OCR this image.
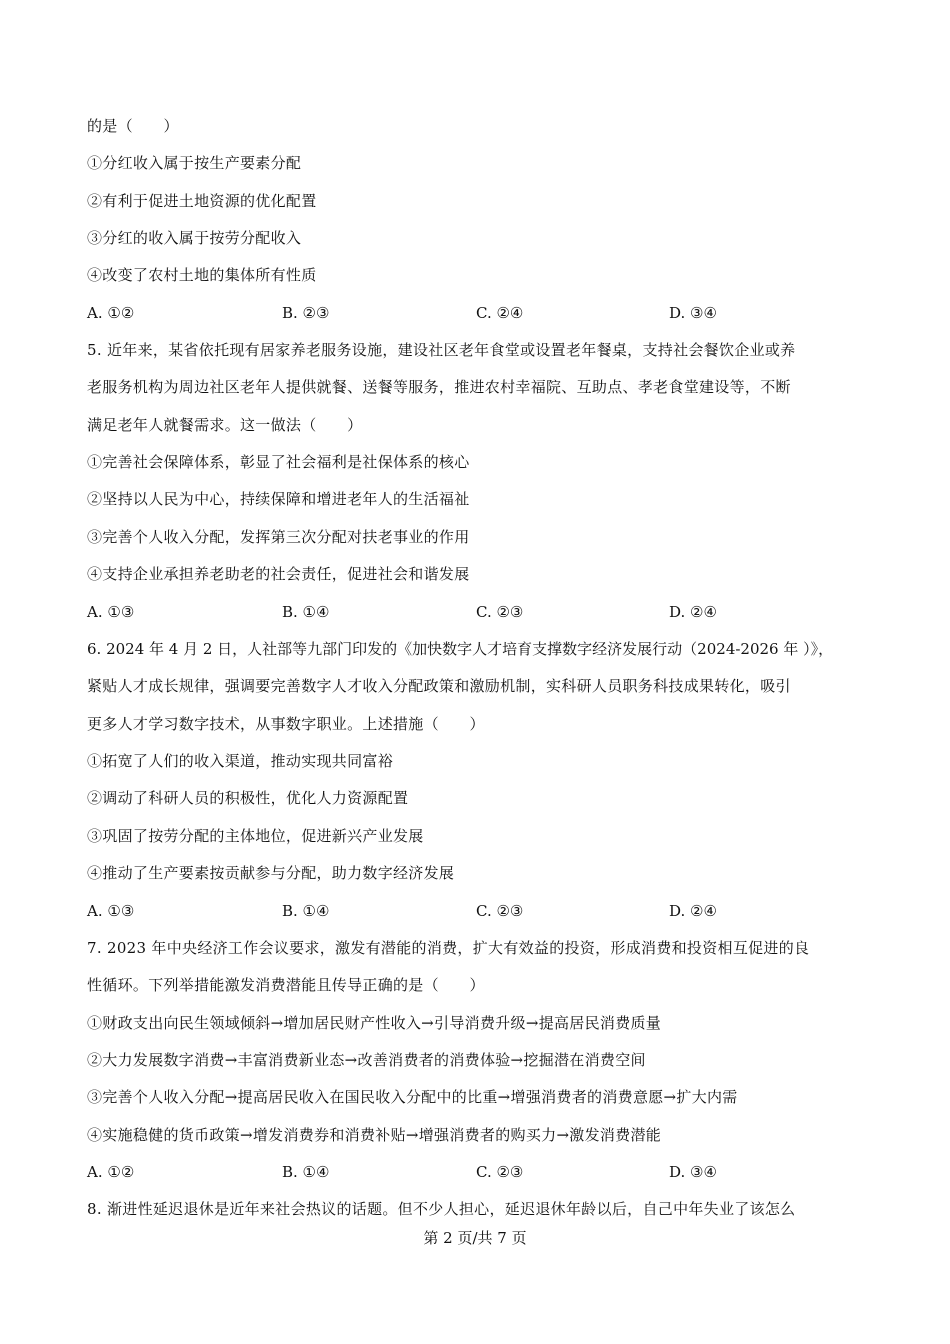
的是（　　）
①分红收入属于按生产要素分配
②有利于促进土地资源的优化配置
③分红的收入属于按劳分配收入
④改变了农村土地的集体所有性质
A. ①②	B. ②③	C. ②④	D. ③④
5. 近年来，某省依托现有居家养老服务设施，建设社区老年食堂或设置老年餐桌，支持社会餐饮企业或养
老服务机构为周边社区老年人提供就餐、送餐等服务，推进农村幸福院、互助点、孝老食堂建设等，不断
满足老年人就餐需求。这一做法（　　）
①完善社会保障体系，彰显了社会福利是社保体系的核心
②坚持以人民为中心，持续保障和增进老年人的生活福祉
③完善个人收入分配，发挥第三次分配对扶老事业的作用
④支持企业承担养老助老的社会责任，促进社会和谐发展
A. ①③	B. ①④	C. ②③	D. ②④
6. 2024 年 4 月 2 日，人社部等九部门印发的《加快数字人才培育支撑数字经济发展行动（2024-2026 年 ）》，
紧贴人才成长规律，强调要完善数字人才收入分配政策和激励机制，实科研人员职务科技成果转化，吸引
更多人才学习数字技术，从事数字职业。上述措施（　　）
①拓宽了人们的收入渠道，推动实现共同富裕
②调动了科研人员的积极性，优化人力资源配置
③巩固了按劳分配的主体地位，促进新兴产业发展
④推动了生产要素按贡献参与分配，助力数字经济发展
A. ①③	B. ①④	C. ②③	D. ②④
7. 2023 年中央经济工作会议要求，激发有潜能的消费，扩大有效益的投资，形成消费和投资相互促进的良
性循环。下列举措能激发消费潜能且传导正确的是（　　）
①财政支出向民生领域倾斜→增加居民财产性收入→引导消费升级→提高居民消费质量
②大力发展数字消费→丰富消费新业态→改善消费者的消费体验→挖掘潜在消费空间
③完善个人收入分配→提高居民收入在国民收入分配中的比重→增强消费者的消费意愿→扩大内需
④实施稳健的货币政策→增发消费券和消费补贴→增强消费者的购买力→激发消费潜能
A. ①②	B. ①④	C. ②③	D. ③④
8. 渐进性延迟退休是近年来社会热议的话题。但不少人担心，延迟退休年龄以后，自己中年失业了该怎么
第 2 页/共 7 页
